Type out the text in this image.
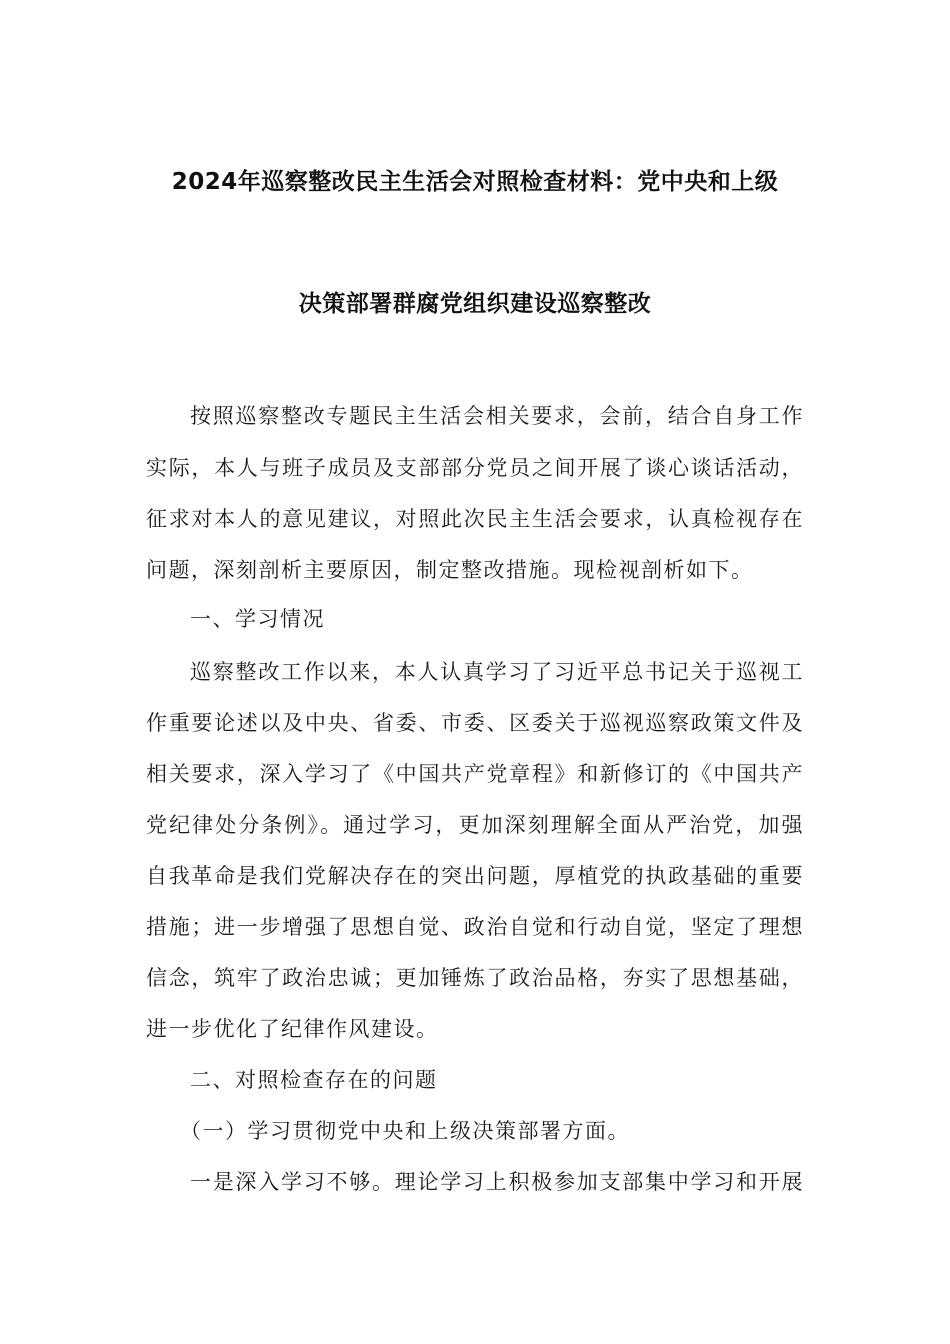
2024年巡察整改民主生活会对照检查材料：党中央和上级
决策部署群腐党组织建设巡察整改
按照巡察整改专题民主生活会相关要求，会前，结合自身工作
实际，本人与班子成员及支部部分党员之间开展了谈心谈话活动，
征求对本人的意见建议，对照此次民主生活会要求，认真检视存在
问题，深刻剖析主要原因，制定整改措施。现检视剖析如下。
一、学习情况
巡察整改工作以来，本人认真学习了习近平总书记关于巡视工
作重要论述以及中央、省委、市委、区委关于巡视巡察政策文件及
相关要求，深入学习了《中国共产党章程》和新修订的《中国共产
党纪律处分条例》。通过学习，更加深刻理解全面从严治党，加强
自我革命是我们党解决存在的突出问题，厚植党的执政基础的重要
措施；进一步增强了思想自觉、政治自觉和行动自觉，坚定了理想
信念，筑牢了政治忠诚；更加锤炼了政治品格，夯实了思想基础，
进一步优化了纪律作风建设。
二、对照检查存在的问题
（一）学习贯彻党中央和上级决策部署方面。
一是深入学习不够。理论学习上积极参加支部集中学习和开展
